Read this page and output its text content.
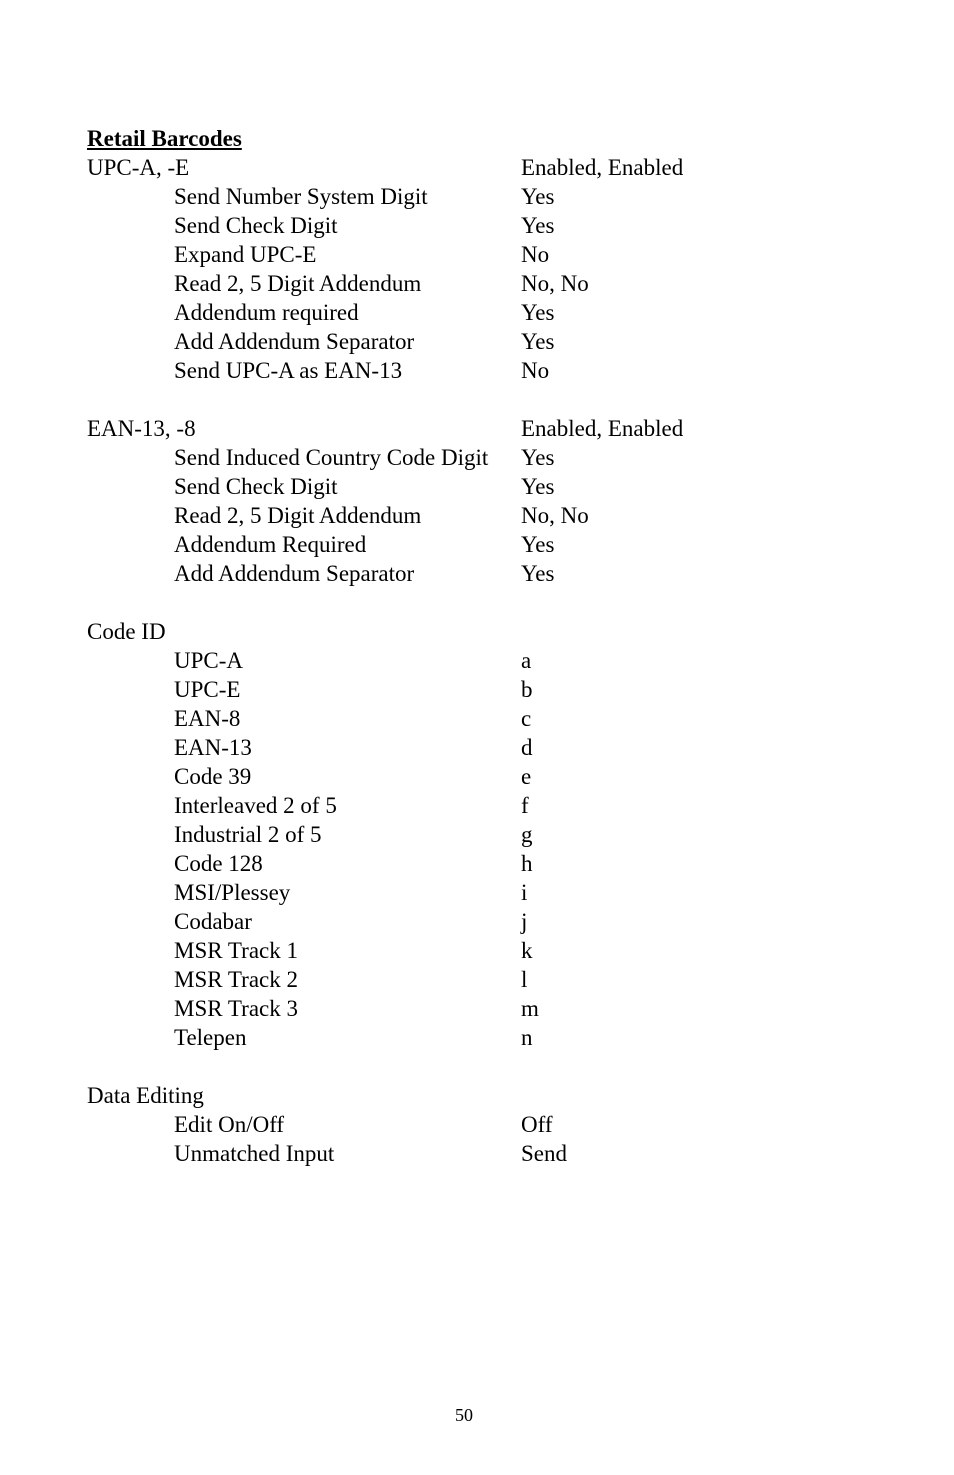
Retail Barcodes
UPC-A, -E	Enabled, Enabled
Send Number System Digit	Yes
Send Check Digit	Yes
Expand UPC-E	No
Read 2, 5 Digit Addendum	No, No
Addendum required	Yes
Add Addendum Separator	Yes
Send UPC-A as EAN-13	No
EAN-13, -8	Enabled, Enabled
Send Induced Country Code Digit Yes
Send Check Digit	Yes
Read 2, 5 Digit Addendum	No, No
Addendum Required	Yes
Add Addendum Separator	Yes
Code ID
UPC-A	a
UPC-E	b
EAN-8	c
EAN-13	d
Code 39	e
Interleaved 2 of 5	f
Industrial 2 of 5	g
Code 128	h
MSI/Plessey	i
Codabar	j
MSR Track 1	k
MSR Track 2	l
MSR Track 3	m
Telepen	n
Data Editing
Edit On/Off	Off
Unmatched Input	Send
50
